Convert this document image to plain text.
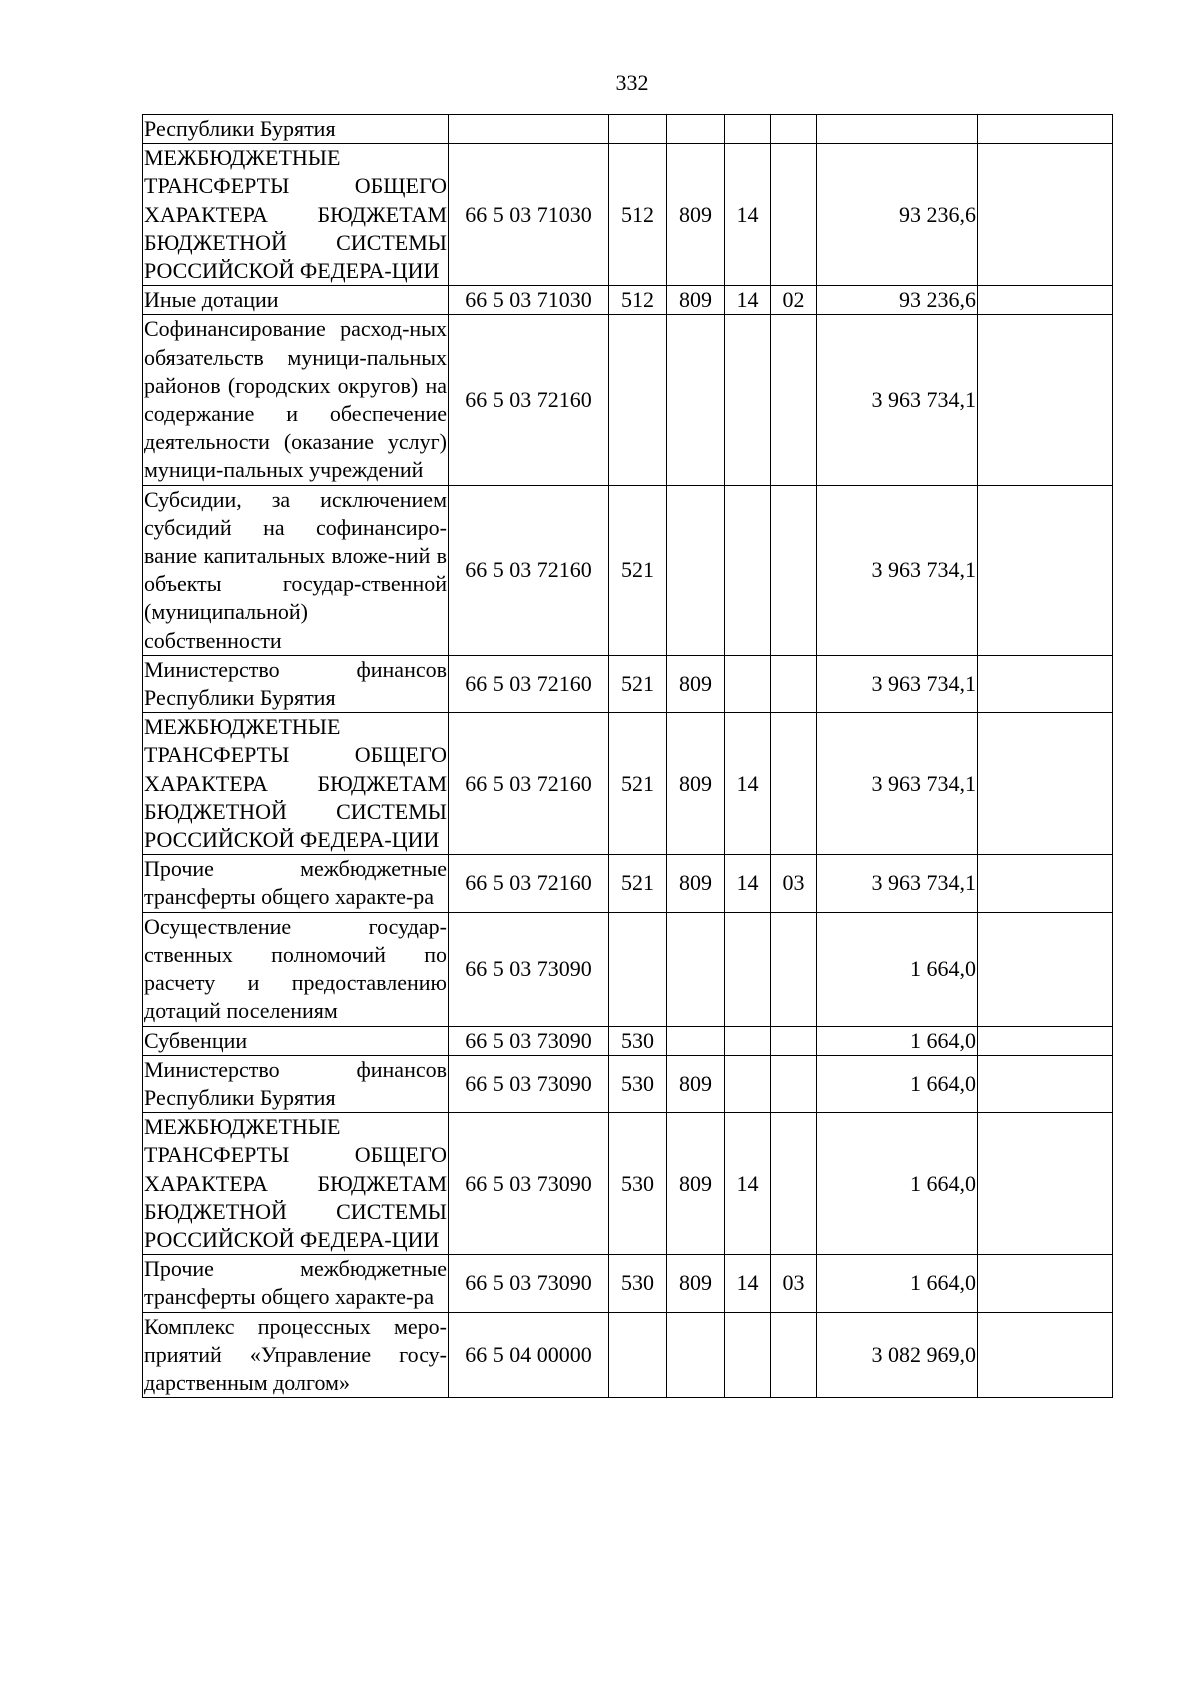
332
Республики Бурятия							
МЕЖБЮДЖЕТНЫЕ ТРАНСФЕРТЫ ОБЩЕГО ХАРАКТЕРА БЮДЖЕТАМ БЮДЖЕТНОЙ СИСТЕМЫ РОССИЙСКОЙ ФЕДЕРА-ЦИИ	66 5 03 71030	512	809	14		93 236,6	
Иные дотации	66 5 03 71030	512	809	14	02	93 236,6	
Софинансирование расход-ных обязательств муници-пальных районов (городских округов) на содержание и обеспечение деятельности (оказание услуг) муници-пальных учреждений	66 5 03 72160					3 963 734,1	
Субсидии, за исключением субсидий на софинансиро-вание капитальных вложе-ний в объекты государ-ственной (муниципальной) собственности	66 5 03 72160	521				3 963 734,1	
Министерство финансов Республики Бурятия	66 5 03 72160	521	809			3 963 734,1	
МЕЖБЮДЖЕТНЫЕ ТРАНСФЕРТЫ ОБЩЕГО ХАРАКТЕРА БЮДЖЕТАМ БЮДЖЕТНОЙ СИСТЕМЫ РОССИЙСКОЙ ФЕДЕРА-ЦИИ	66 5 03 72160	521	809	14		3 963 734,1	
Прочие межбюджетные трансферты общего характе-ра	66 5 03 72160	521	809	14	03	3 963 734,1	
Осуществление государ-ственных полномочий по расчету и предоставлению дотаций поселениям	66 5 03 73090					1 664,0	
Субвенции	66 5 03 73090	530				1 664,0	
Министерство финансов Республики Бурятия	66 5 03 73090	530	809			1 664,0	
МЕЖБЮДЖЕТНЫЕ ТРАНСФЕРТЫ ОБЩЕГО ХАРАКТЕРА БЮДЖЕТАМ БЮДЖЕТНОЙ СИСТЕМЫ РОССИЙСКОЙ ФЕДЕРА-ЦИИ	66 5 03 73090	530	809	14		1 664,0	
Прочие межбюджетные трансферты общего характе-ра	66 5 03 73090	530	809	14	03	1 664,0	
Комплекс процессных меро-приятий «Управление госу-дарственным долгом»	66 5 04 00000					3 082 969,0	
